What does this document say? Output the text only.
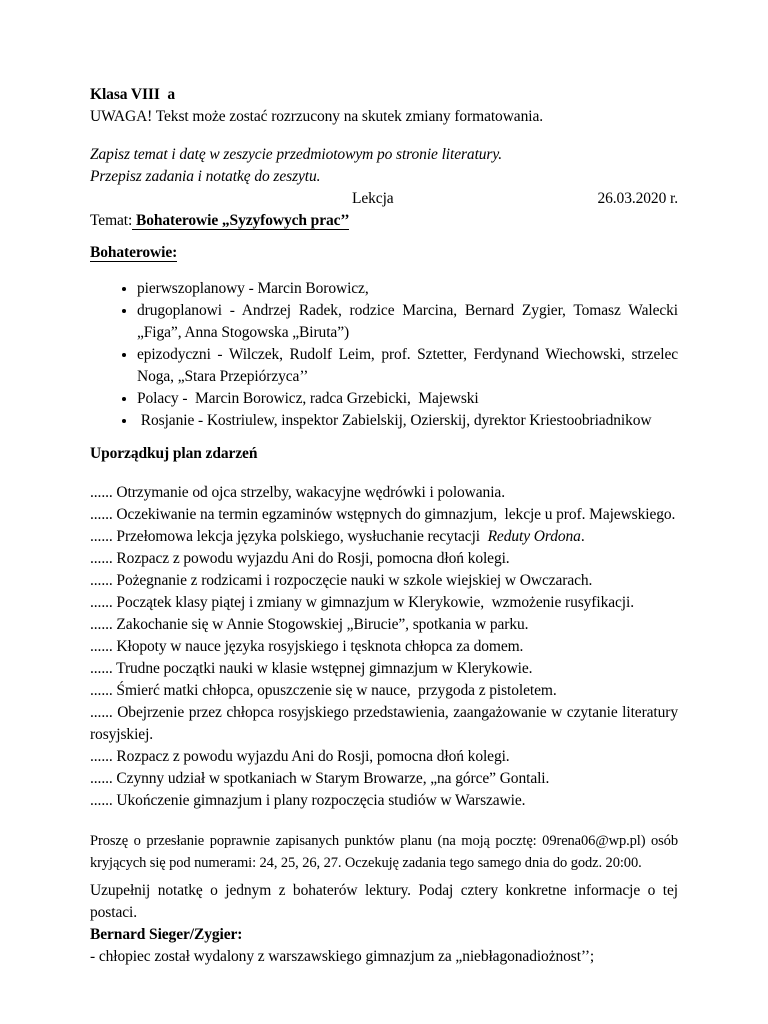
Klasa VIII  a

UWAGA! Tekst może zostać rozrzucony na skutek zmiany formatowania.

Zapisz temat i datę w zeszycie przedmiotowym po stronie literatury.

Przepisz zadania i notatkę do zeszytu.

Lekcja	26.03.2020 r.

Temat: Bohaterowie „Syzyfowych prac’’

Bohaterowie:

• pierwszoplanowy - Marcin Borowicz,
• drugoplanowi - Andrzej Radek, rodzice Marcina, Bernard Zygier, Tomasz Walecki „Figa”, Anna Stogowska „Biruta”)
• epizodyczni - Wilczek, Rudolf Leim, prof. Sztetter, Ferdynand Wiechowski, strzelec Noga, „Stara Przepiórzyca’’
• Polacy -  Marcin Borowicz, radca Grzebicki,  Majewski
•  Rosjanie - Kostriulew, inspektor Zabielskij, Ozierskij, dyrektor Kriestoobriadnikow

Uporządkuj plan zdarzeń

...... Otrzymanie od ojca strzelby, wakacyjne wędrówki i polowania.

...... Oczekiwanie na termin egzaminów wstępnych do gimnazjum,  lekcje u prof. Majewskiego.

...... Przełomowa lekcja języka polskiego, wysłuchanie recytacji  Reduty Ordona.

...... Rozpacz z powodu wyjazdu Ani do Rosji, pomocna dłoń kolegi.

...... Pożegnanie z rodzicami i rozpoczęcie nauki w szkole wiejskiej w Owczarach.

...... Początek klasy piątej i zmiany w gimnazjum w Klerykowie,  wzmożenie rusyfikacji.

...... Zakochanie się w Annie Stogowskiej „Birucie”, spotkania w parku.

...... Kłopoty w nauce języka rosyjskiego i tęsknota chłopca za domem.

...... Trudne początki nauki w klasie wstępnej gimnazjum w Klerykowie.

...... Śmierć matki chłopca, opuszczenie się w nauce,  przygoda z pistoletem.

...... Obejrzenie przez chłopca rosyjskiego przedstawienia, zaangażowanie w czytanie literatury rosyjskiej.

...... Rozpacz z powodu wyjazdu Ani do Rosji, pomocna dłoń kolegi.

...... Czynny udział w spotkaniach w Starym Browarze, „na górce” Gontali.

...... Ukończenie gimnazjum i plany rozpoczęcia studiów w Warszawie.

Proszę o przesłanie poprawnie zapisanych punktów planu (na moją pocztę: 09rena06@wp.pl) osób kryjących się pod numerami: 24, 25, 26, 27. Oczekuję zadania tego samego dnia do godz. 20:00.

Uzupełnij notatkę o jednym z bohaterów lektury. Podaj cztery konkretne informacje o tej postaci.

Bernard Sieger/Zygier:

- chłopiec został wydalony z warszawskiego gimnazjum za „niebłagonadiożnost’’;
